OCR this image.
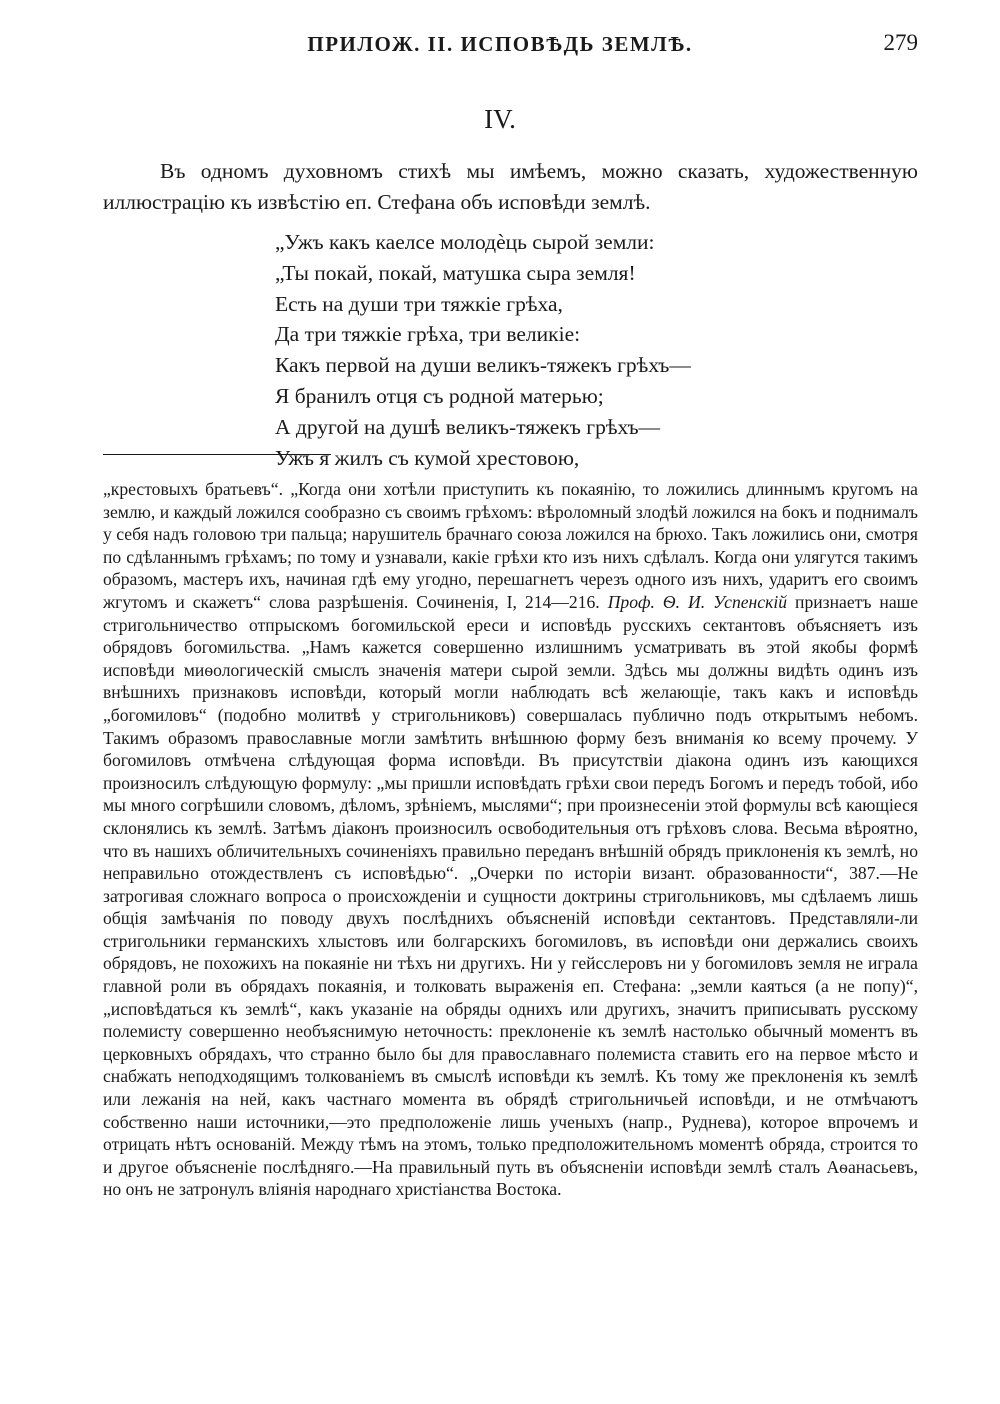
ПРИЛОЖ. II. ИСПОВѢДЬ ЗЕМЛѢ.	279
IV.

Въ одномъ духовномъ стихѣ мы имѣемъ, можно сказать, художественную иллюстрацію къ извѣстію еп. Стефана объ исповѣди землѣ.

„Ужъ какъ каелсе молодѐць сырой земли:
„Ты покай, покай, матушка сыра земля!
Есть на души три тяжкіе грѣха,
Да три тяжкіе грѣха, три великіе:
Какъ первой на души великъ-тяжекъ грѣхъ—
Я бранилъ отця съ родной матерью;
А другой на душѣ великъ-тяжекъ грѣхъ—
Ужъ я жилъ съ кумой хрестовою,

„крестовыхъ братьевъ“. „Когда они хотѣли приступить къ покаянію, то ложились длиннымъ кругомъ на землю, и каждый ложился сообразно съ своимъ грѣхомъ: вѣроломный злодѣй ложился на бокъ и поднималъ у себя надъ головою три пальца; нарушитель брачнаго союза ложился на брюхо. Такъ ложились они, смотря по сдѣланнымъ грѣхамъ; по тому и узнавали, какіе грѣхи кто изъ нихъ сдѣлалъ. Когда они улягутся такимъ образомъ, мастеръ ихъ, начиная гдѣ ему угодно, перешагнетъ черезъ одного изъ нихъ, ударитъ его своимъ жгутомъ и скажетъ“ слова разрѣшенія. Сочиненія, I, 214—216. Проф. Ѳ. И. Успенскій признаетъ наше стригольничество отпрыскомъ богомильской ереси и исповѣдь русскихъ сектантовъ объясняетъ изъ обрядовъ богомильства. „Намъ кажется совершенно излишнимъ усматривать въ этой якобы формѣ исповѣди миѳологическій смыслъ значенія матери сырой земли. Здѣсь мы должны видѣть одинъ изъ внѣшнихъ признаковъ исповѣди, который могли наблюдать всѣ желающіе, такъ какъ и исповѣдь „богомиловъ“ (подобно молитвѣ у стригольниковъ) совершалась публично подъ открытымъ небомъ. Такимъ образомъ православные могли замѣтить внѣшнюю форму безъ вниманія ко всему прочему. У богомиловъ отмѣчена слѣдующая форма исповѣди. Въ присутствіи діакона одинъ изъ кающихся произносилъ слѣдующую формулу: „мы пришли исповѣдать грѣхи свои передъ Богомъ и передъ тобой, ибо мы много согрѣшили словомъ, дѣломъ, зрѣніемъ, мыслями“; при произнесеніи этой формулы всѣ кающіеся склонялись къ землѣ. Затѣмъ діаконъ произносилъ освободительныя отъ грѣховъ слова. Весьма вѣроятно, что въ нашихъ обличительныхъ сочиненіяхъ правильно переданъ внѣшній обрядъ приклоненія къ землѣ, но неправильно отождествленъ съ исповѣдью“. „Очерки по исторіи визант. образованности“, 387.—Не затрогивая сложнаго вопроса о происхожденіи и сущности доктрины стригольниковъ, мы сдѣлаемъ лишь общія замѣчанія по поводу двухъ послѣднихъ объясненій исповѣди сектантовъ. Представляли-ли стригольники германскихъ хлыстовъ или болгарскихъ богомиловъ, въ исповѣди они держались своихъ обрядовъ, не похожихъ на покаяніе ни тѣхъ ни другихъ. Ни у гейсслеровъ ни у богомиловъ земля не играла главной роли въ обрядахъ покаянія, и толковать выраженія еп. Стефана: „земли каяться (а не попу)“, „исповѣдаться къ землѣ“, какъ указаніе на обряды однихъ или другихъ, значитъ приписывать русскому полемисту совершенно необъяснимую неточность: преклоненіе къ землѣ настолько обычный моментъ въ церковныхъ обрядахъ, что странно было бы для православнаго полемиста ставить его на первое мѣсто и снабжать неподходящимъ толкованіемъ въ смыслѣ исповѣди къ землѣ. Къ тому же преклоненія къ землѣ или лежанія на ней, какъ частнаго момента въ обрядѣ стригольничьей исповѣди, и не отмѣчаютъ собственно наши источники,—это предположеніе лишь ученыхъ (напр., Руднева), которое впрочемъ и отрицать нѣтъ основаній. Между тѣмъ на этомъ, только предположительномъ моментѣ обряда, строится то и другое объясненіе послѣдняго.—На правильный путь въ объясненіи исповѣди землѣ сталъ Аѳанасьевъ, но онъ не затронулъ вліянія народнаго христіанства Востока.
